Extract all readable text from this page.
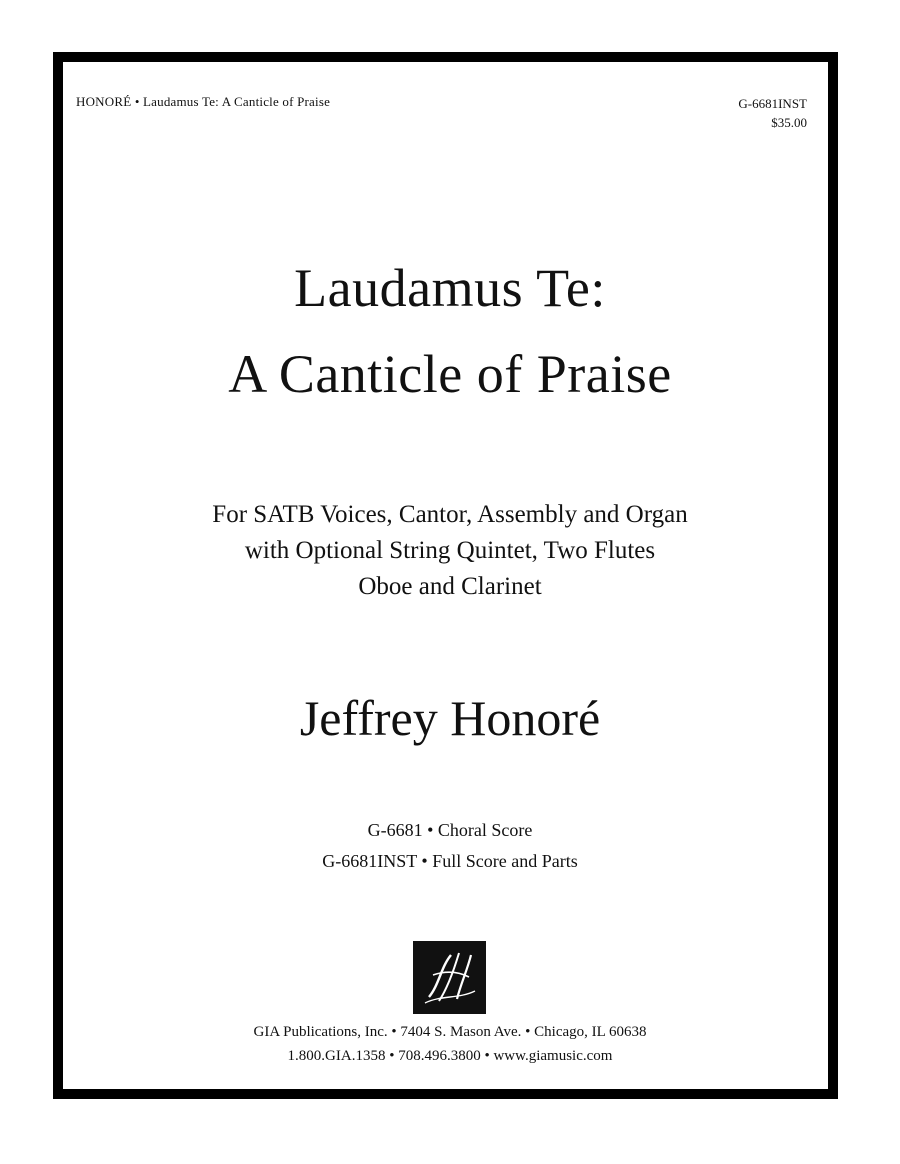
HONORÉ • Laudamus Te: A Canticle of Praise	G-6681INST
$35.00
Laudamus Te:
A Canticle of Praise
For SATB Voices, Cantor, Assembly and Organ
with Optional String Quintet, Two Flutes
Oboe and Clarinet
Jeffrey Honoré
G-6681 • Choral Score
G-6681INST • Full Score and Parts
GIA Publications, Inc. • 7404 S. Mason Ave. • Chicago, IL 60638
1.800.GIA.1358 • 708.496.3800 • www.giamusic.com
